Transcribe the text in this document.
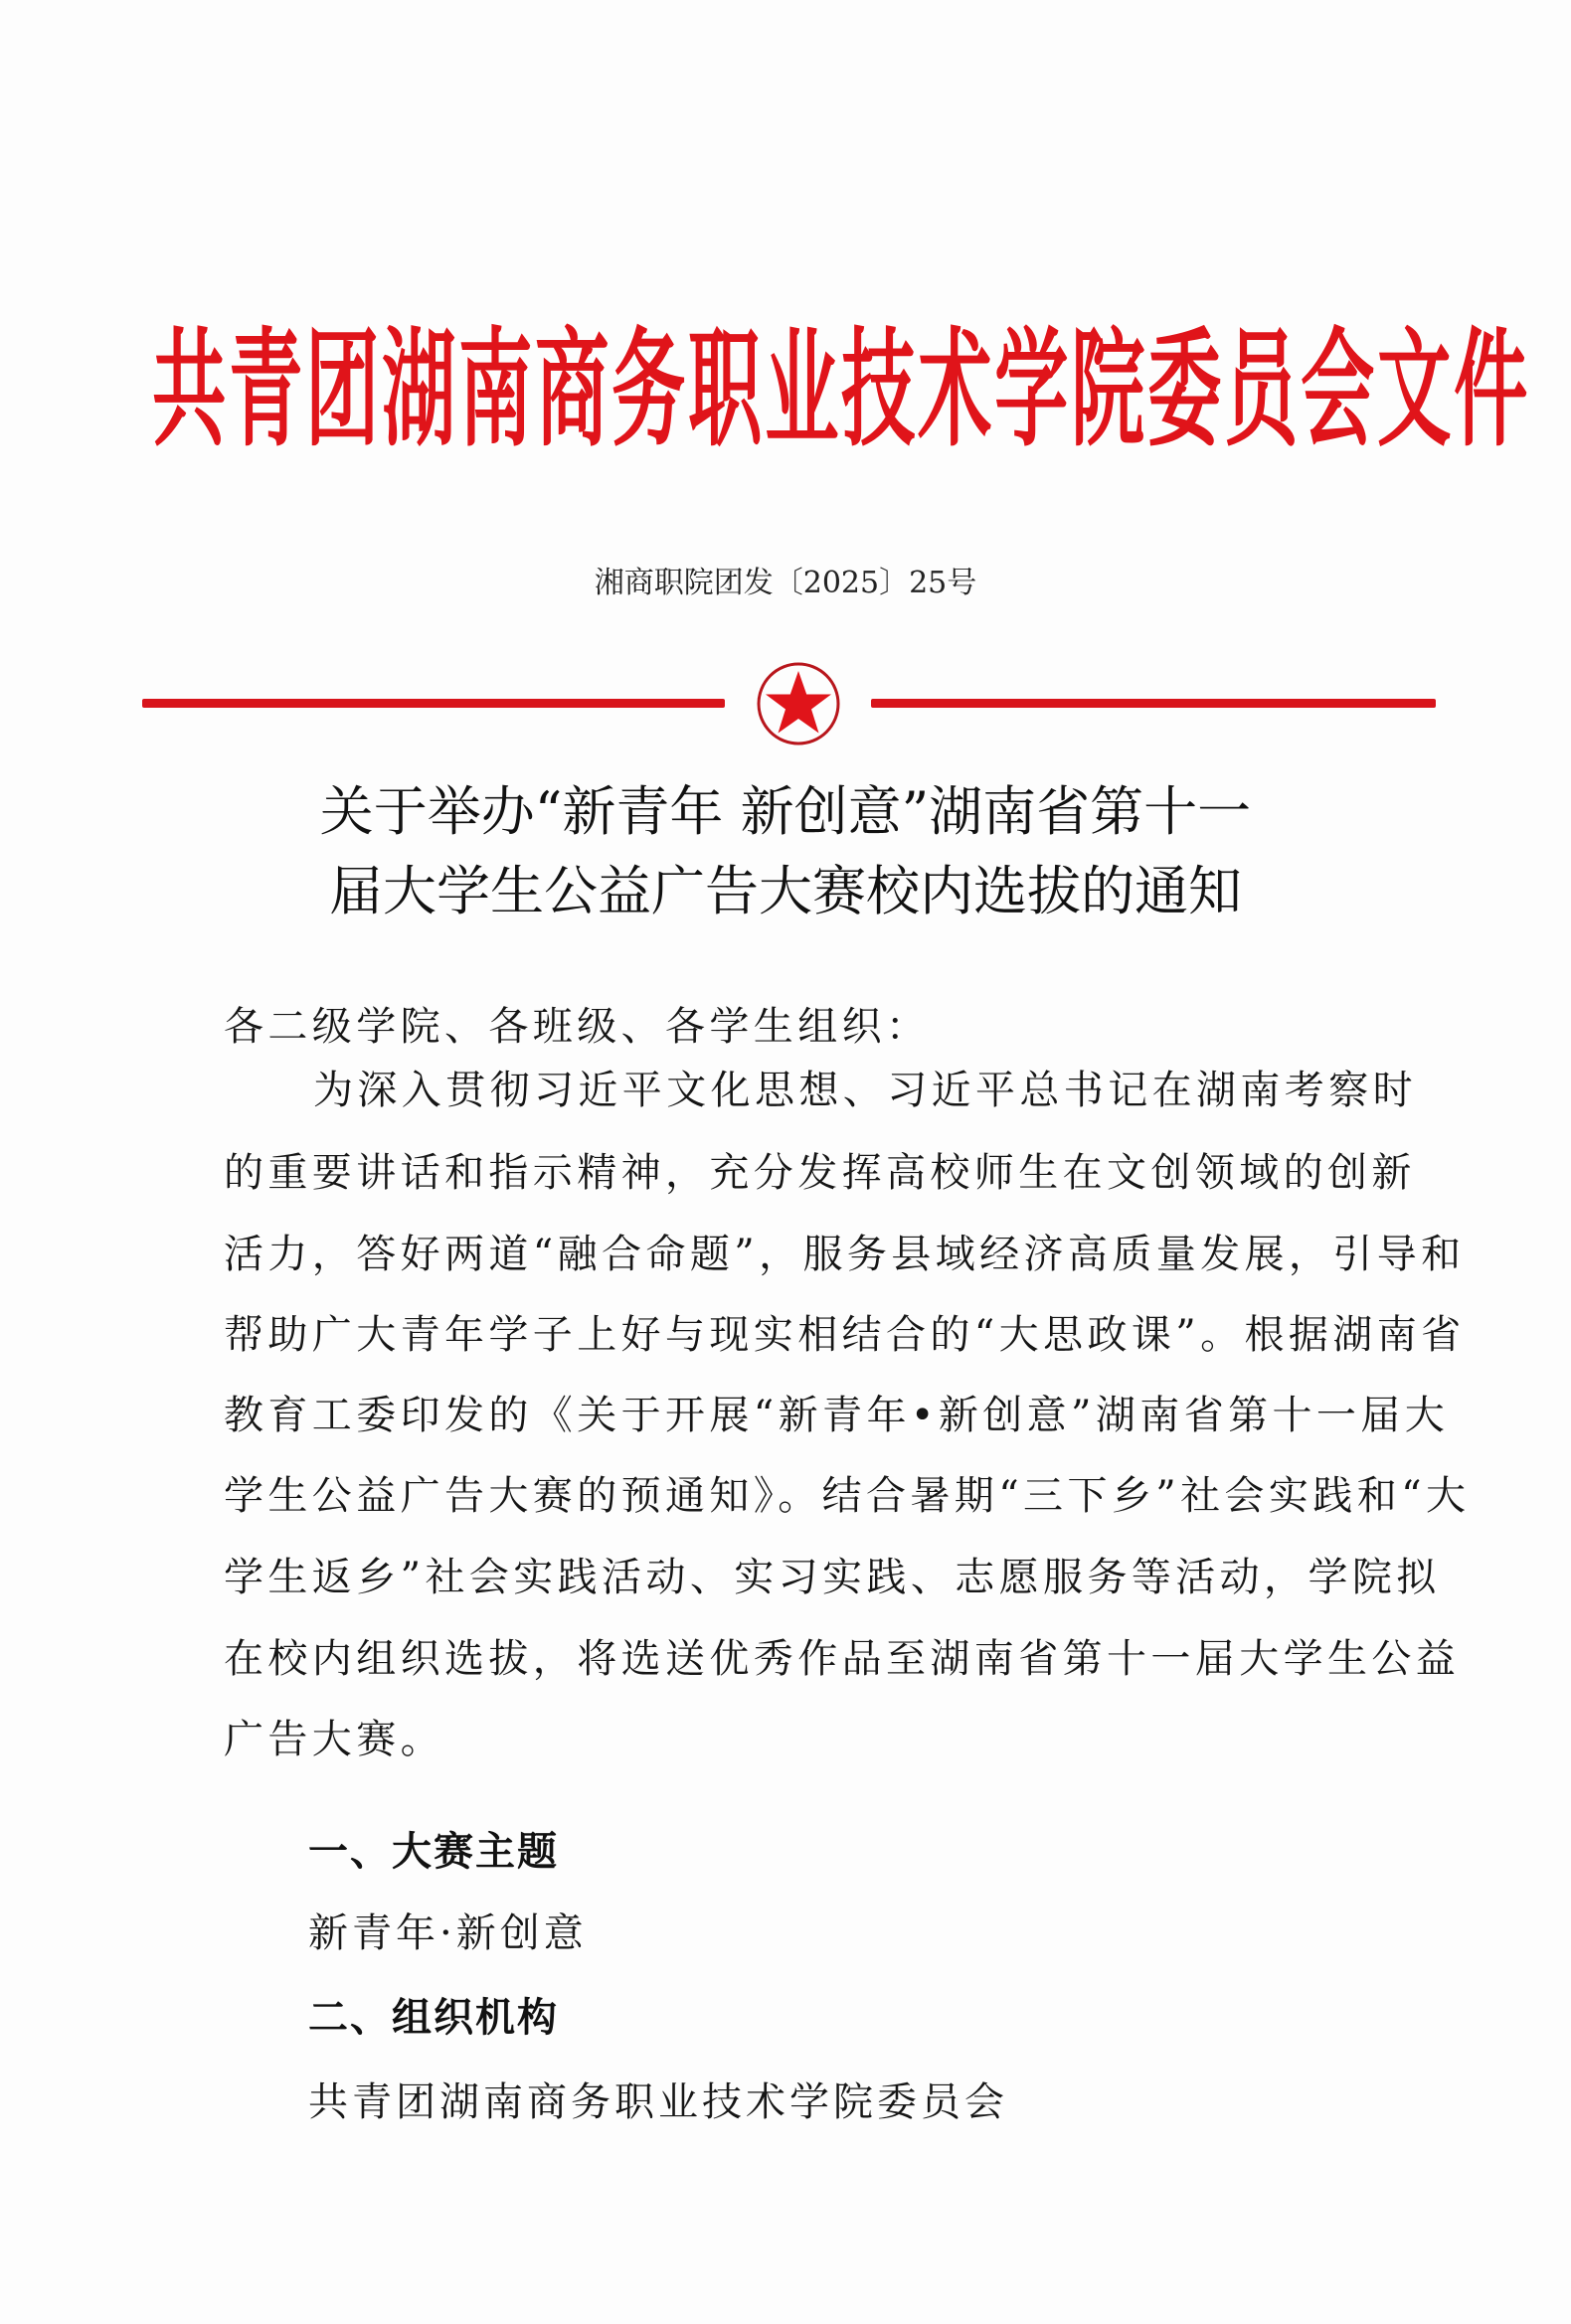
共 青 团 湖 南 商 务 职 业 技 术 学 院 委 员 会 文 件
湘商职院团发〔2025〕25号
关于举办“新青年 新创意”湖南省第十一
届大学生公益广告大赛校内选拔的通知
各二级学院、各班级、各学生组织：
为深入贯彻习近平文化思想、习近平总书记在湖南考察时
的重要讲话和指示精神，充分发挥高校师生在文创领域的创新
活力，答好两道“融合命题”，服务县域经济高质量发展，引导和
帮助广大青年学子上好与现实相结合的“大思政课”。根据湖南省
教育工委印发的《关于开展“新青年•新创意”湖南省第十一届大
学生公益广告大赛的预通知》。结合暑期“三下乡”社会实践和“大
学生返乡”社会实践活动、实习实践、志愿服务等活动，学院拟
在校内组织选拔，将选送优秀作品至湖南省第十一届大学生公益
广告大赛。
一、大赛主题
新青年·新创意
二、组织机构
共青团湖南商务职业技术学院委员会
